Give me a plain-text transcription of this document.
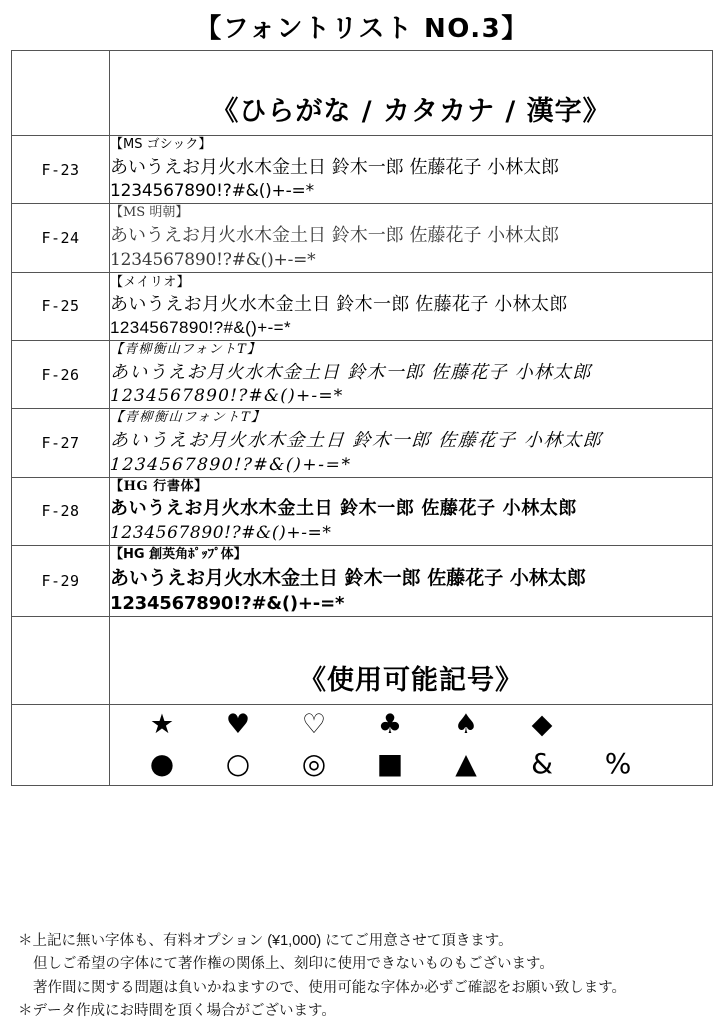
【フォントリスト NO.3】

	《ひらがな / カタカナ / 漢字》

F-23	【MS ゴシック】
あいうえお月火水木金土日 鈴木一郎 佐藤花子 小林太郎
1234567890!?#&()+-=*

F-24	【MS 明朝】
あいうえお月火水木金土日 鈴木一郎 佐藤花子 小林太郎
1234567890!?#&()+-=*

F-25	【メイリオ】
あいうえお月火水木金土日 鈴木一郎 佐藤花子 小林太郎
1234567890!?#&()+-=*

F-26	【青柳衡山フォントT】
あいうえお月火水木金土日 鈴木一郎 佐藤花子 小林太郎
1234567890!?#&()+-=*

F-27	【青柳衡山フォントT】
あいうえお月火水木金土日 鈴木一郎 佐藤花子 小林太郎
1234567890!?#&()+-=*

F-28	【HG 行書体】
あいうえお月火水木金土日 鈴木一郎 佐藤花子 小林太郎
1234567890!?#&()+-=*

F-29	【HG 創英角ﾎﾟｯﾌﾟ体】
あいうえお月火水木金土日 鈴木一郎 佐藤花子 小林太郎
1234567890!?#&()+-=*

	《使用可能記号》

★	♥	♡	♣	♠	◆
●	○	◎	■	▲	&	%
＊上記に無い字体も、有料オプション (¥1,000) にてご用意させて頂きます。
但しご希望の字体にて著作権の関係上、刻印に使用できないものもございます。
著作間に関する問題は負いかねますので、使用可能な字体か必ずご確認をお願い致します。
＊データ作成にお時間を頂く場合がございます。
